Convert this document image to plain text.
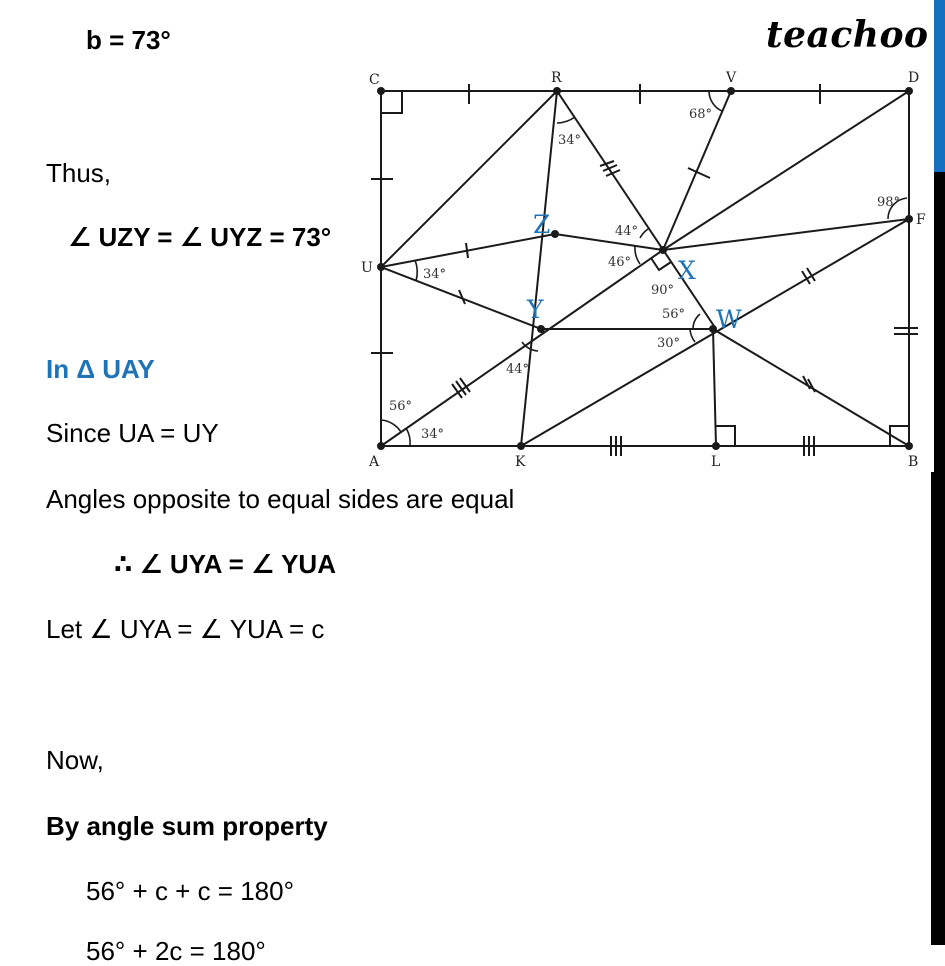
b = 73°
Thus,
∠ UZY = ∠ UYZ = 73°
In Δ UAY
Since UA = UY
Angles opposite to equal sides are equal
∴ ∠ UYA = ∠ YUA
Let ∠ UYA = ∠ YUA = c
Now,
By angle sum property
56° + c + c = 180°
56° + 2c = 180°
teachoo
C	R	V	D
U
F
A	K	L	B
Z
X
Y	W
34°
68°
44°
46°
90°
98°
34°
56°
30°
44°
56°
34°
